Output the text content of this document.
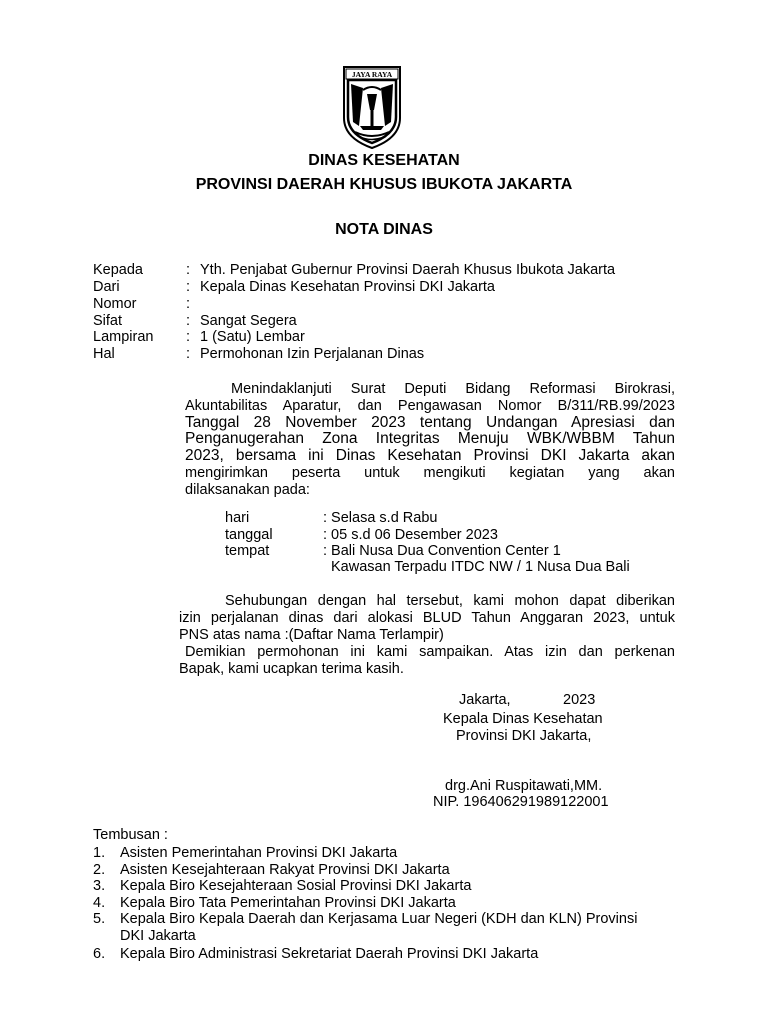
JAYA RAYA
DINAS KESEHATAN
PROVINSI DAERAH KHUSUS IBUKOTA JAKARTA
NOTA DINAS
Kepada	: Yth. Penjabat Gubernur Provinsi Daerah Khusus Ibukota Jakarta
Dari	: Kepala Dinas Kesehatan Provinsi DKI Jakarta
Nomor	:
Sifat	: Sangat Segera
Lampiran : 1 (Satu) Lembar
Hal	: Permohonan Izin Perjalanan Dinas
Menindaklanjuti Surat Deputi Bidang Reformasi Birokrasi,
Akuntabilitas Aparatur, dan Pengawasan Nomor B/311/RB.99/2023
Tanggal 28 November 2023 tentang Undangan Apresiasi dan
Penganugerahan Zona Integritas Menuju WBK/WBBM Tahun
2023, bersama ini Dinas Kesehatan Provinsi DKI Jakarta akan
mengirimkan peserta untuk mengikuti kegiatan yang akan
dilaksanakan pada:
hari	: Selasa s.d Rabu
tanggal	: 05 s.d 06 Desember 2023
tempat	: Bali Nusa Dua Convention Center 1
Kawasan Terpadu ITDC NW / 1 Nusa Dua Bali
Sehubungan dengan hal tersebut, kami mohon dapat diberikan
izin perjalanan dinas dari alokasi BLUD Tahun Anggaran 2023, untuk
PNS atas nama :(Daftar Nama Terlampir)
Demikian permohonan ini kami sampaikan. Atas izin dan perkenan
Bapak, kami ucapkan terima kasih.
Jakarta,	2023
Kepala Dinas Kesehatan
Provinsi DKI Jakarta,
drg.Ani Ruspitawati,MM.
NIP. 196406291989122001
Tembusan :
1. Asisten Pemerintahan Provinsi DKI Jakarta
2. Asisten Kesejahteraan Rakyat Provinsi DKI Jakarta
3. Kepala Biro Kesejahteraan Sosial Provinsi DKI Jakarta
4. Kepala Biro Tata Pemerintahan Provinsi DKI Jakarta
5. Kepala Biro Kepala Daerah dan Kerjasama Luar Negeri (KDH dan KLN) Provinsi
DKI Jakarta
6. Kepala Biro Administrasi Sekretariat Daerah Provinsi DKI Jakarta
